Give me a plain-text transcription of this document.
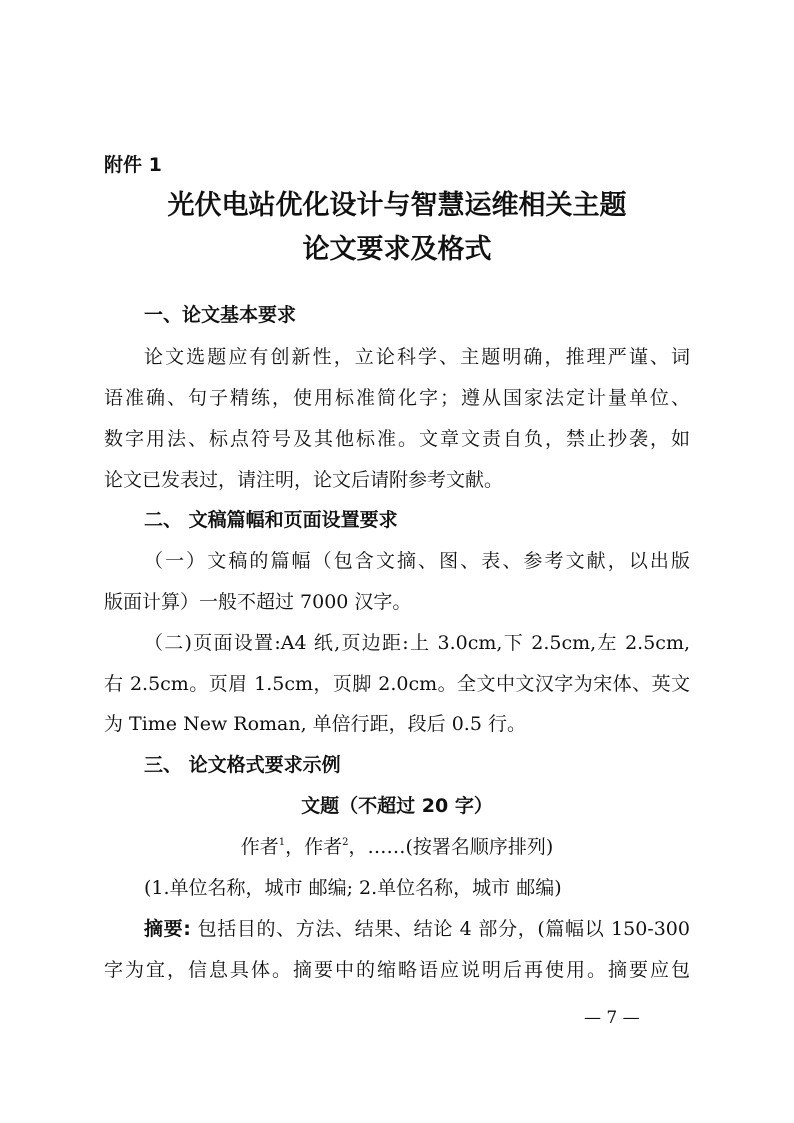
附件 1
光伏电站优化设计与智慧运维相关主题
论文要求及格式
一、论文基本要求
论文选题应有创新性，立论科学、主题明确，推理严谨、词
语准确、句子精练，使用标准简化字；遵从国家法定计量单位、
数字用法、标点符号及其他标准。文章文责自负，禁止抄袭，如
论文已发表过，请注明，论文后请附参考文献。
二、 文稿篇幅和页面设置要求
（一）文稿的篇幅（包含文摘、图、表、参考文献，以出版
版面计算）一般不超过 7000 汉字。
（二)页面设置:A4 纸,页边距:上 3.0cm,下 2.5cm,左 2.5cm,
右 2.5cm。页眉 1.5cm，页脚 2.0cm。全文中文汉字为宋体、英文
为 Time New Roman, 单倍行距，段后 0.5 行。
三、 论文格式要求示例
文题（不超过 20 字）
作者$^1$，作者$^2$，……(按署名顺序排列)
(1.单位名称，城市 邮编; 2.单位名称，城市 邮编)
摘要: 包括目的、方法、结果、结论 4 部分，(篇幅以 150-300
字为宜，信息具体。摘要中的缩略语应说明后再使用。摘要应包
— 7 —
